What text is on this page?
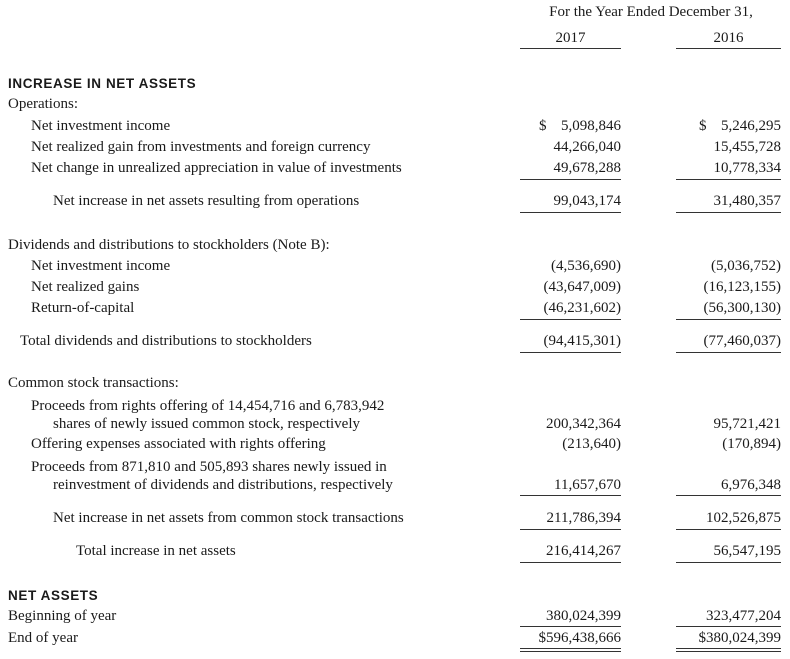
For the Year Ended December 31,
2017	2016
INCREASE IN NET ASSETS
Operations:
Net investment income	$ 5,098,846	$ 5,246,295
Net realized gain from investments and foreign currency	44,266,040	15,455,728
Net change in unrealized appreciation in value of investments	49,678,288	10,778,334
Net increase in net assets resulting from operations	99,043,174	31,480,357
Dividends and distributions to stockholders (Note B):
Net investment income	(4,536,690)	(5,036,752)
Net realized gains	(43,647,009)	(16,123,155)
Return-of-capital	(46,231,602)	(56,300,130)
Total dividends and distributions to stockholders	(94,415,301)	(77,460,037)
Common stock transactions:
Proceeds from rights offering of 14,454,716 and 6,783,942
shares of newly issued common stock, respectively	200,342,364	95,721,421
Offering expenses associated with rights offering	(213,640)	(170,894)
Proceeds from 871,810 and 505,893 shares newly issued in
reinvestment of dividends and distributions, respectively	11,657,670	6,976,348
Net increase in net assets from common stock transactions	211,786,394	102,526,875
Total increase in net assets	216,414,267	56,547,195
NET ASSETS
Beginning of year	380,024,399	323,477,204
End of year	$596,438,666	$380,024,399
